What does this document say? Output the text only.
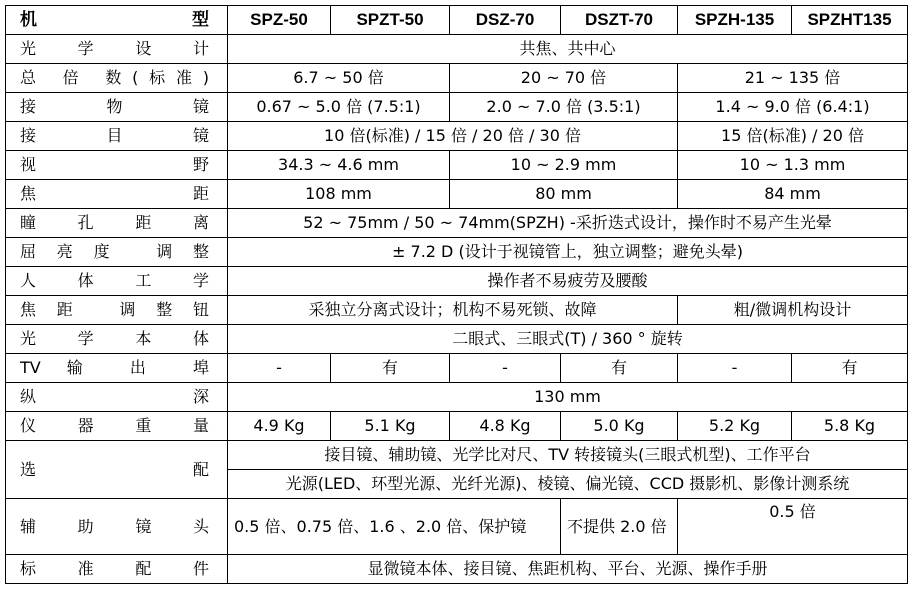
机 型	SPZ-50	SPZT-50	DSZ-70	DSZT-70	SPZH-135	SPZHT135
光 学 设 计	共焦、共中心					
总 倍 数(标准)	6.7 ~ 50 倍		20 ~ 70 倍		21 ~ 135 倍	
接 物 镜	0.67 ~ 5.0 倍 (7.5:1)		2.0 ~ 7.0 倍 (3.5:1)		1.4 ~ 9.0 倍 (6.4:1)	
接 目 镜	10 倍(标准) / 15 倍 / 20 倍 / 30 倍				15 倍(标准) / 20 倍	
视 野	34.3 ~ 4.6 mm		10 ~ 2.9 mm		10 ~ 1.3 mm	
焦 距	108 mm		80 mm		84 mm	
瞳 孔 距 离	52 ~ 75mm / 50 ~ 74mm(SPZH) -采折迭式设计，操作时不易产生光晕					
屈亮度 调整	± 7.2 D (设计于视镜管上，独立调整；避免头晕)					
人 体 工 学	操作者不易疲劳及腰酸					
焦距 调整钮	采独立分离式设计；机构不易死锁、故障				粗/微调机构设计	
光 学 本 体	二眼式、三眼式(T) / 360 ° 旋转					
TV 输 出 埠	-	有	-	有	-	有
纵 深	130 mm					
仪 器 重 量	4.9 Kg	5.1 Kg	4.8 Kg	5.0 Kg	5.2 Kg	5.8 Kg
选 配	接目镜、辅助镜、光学比对尺、TV 转接镜头(三眼式机型)、工作平台					
	光源(LED、环型光源、光纤光源)、棱镜、偏光镜、CCD 摄影机、影像计测系统					
辅 助 镜 头	0.5 倍、0.75 倍、1.6 、2.0 倍、保护镜			不提供 2.0 倍	0.5 倍	
标 准 配 件	显微镜本体、接目镜、焦距机构、平台、光源、操作手册					
